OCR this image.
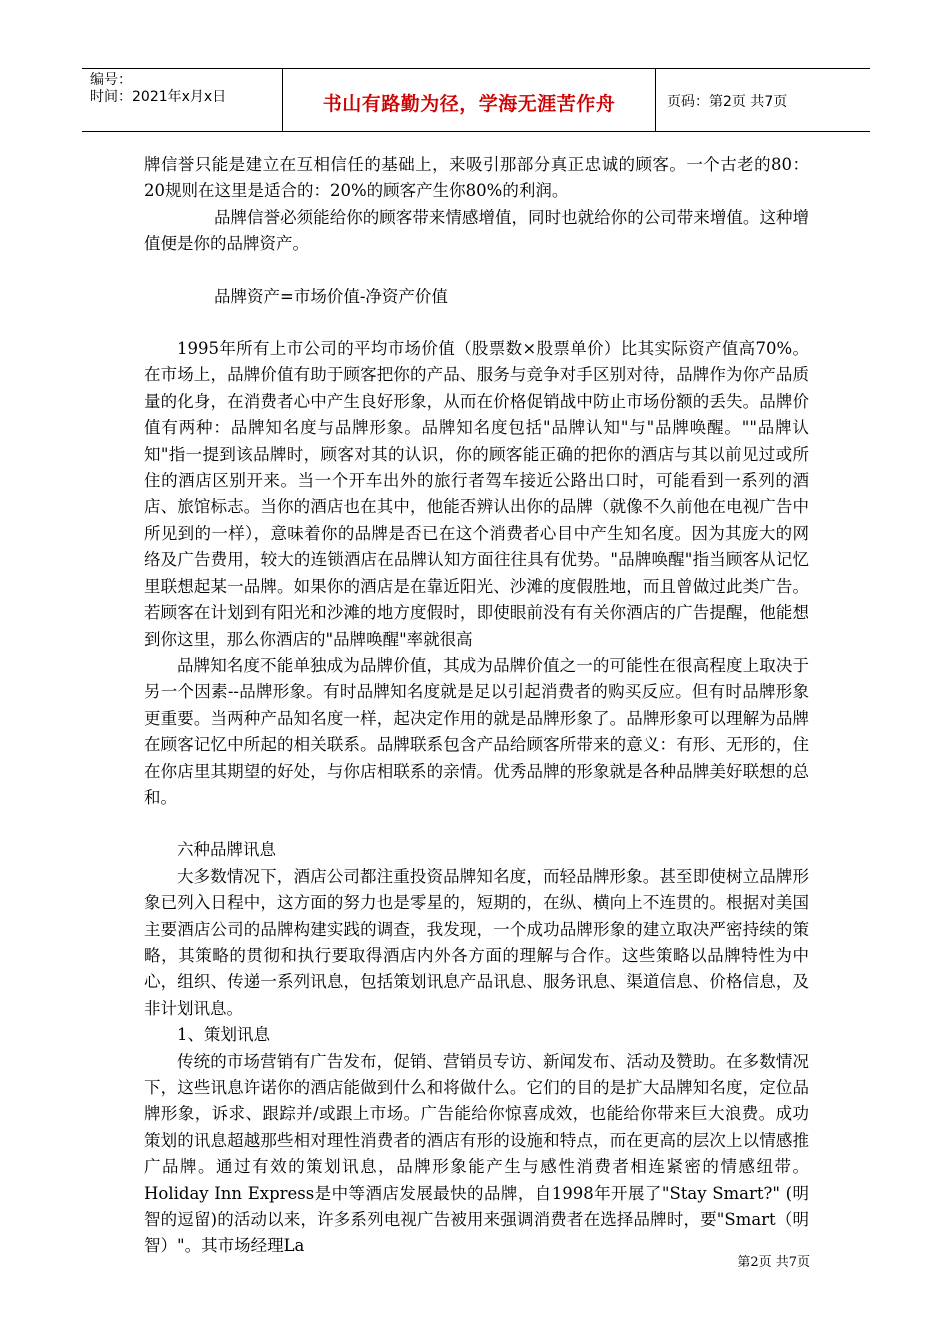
编号：
时间：2021年x月x日	书山有路勤为径，学海无涯苦作舟	页码：第2页 共7页

牌信誉只能是建立在互相信任的基础上，来吸引那部分真正忠诚的顾客。一个古老的80：20规则在这里是适合的：20%的顾客产生你80%的利润。

品牌信誉必须能给你的顾客带来情感增值，同时也就给你的公司带来增值。这种增值便是你的品牌资产。

品牌资产=市场价值-净资产价值

1995年所有上市公司的平均市场价值（股票数×股票单价）比其实际资产值高70%。在市场上，品牌价值有助于顾客把你的产品、服务与竞争对手区别对待，品牌作为你产品质量的化身，在消费者心中产生良好形象，从而在价格促销战中防止市场份额的丢失。品牌价值有两种：品牌知名度与品牌形象。品牌知名度包括"品牌认知"与"品牌唤醒。""品牌认知"指一提到该品牌时，顾客对其的认识，你的顾客能正确的把你的酒店与其以前见过或所住的酒店区别开来。当一个开车出外的旅行者驾车接近公路出口时，可能看到一系列的酒店、旅馆标志。当你的酒店也在其中，他能否辨认出你的品牌（就像不久前他在电视广告中所见到的一样），意味着你的品牌是否已在这个消费者心目中产生知名度。因为其庞大的网络及广告费用，较大的连锁酒店在品牌认知方面往往具有优势。"品牌唤醒"指当顾客从记忆里联想起某一品牌。如果你的酒店是在靠近阳光、沙滩的度假胜地，而且曾做过此类广告。若顾客在计划到有阳光和沙滩的地方度假时，即使眼前没有有关你酒店的广告提醒，他能想到你这里，那么你酒店的"品牌唤醒"率就很高

品牌知名度不能单独成为品牌价值，其成为品牌价值之一的可能性在很高程度上取决于另一个因素--品牌形象。有时品牌知名度就是足以引起消费者的购买反应。但有时品牌形象更重要。当两种产品知名度一样，起决定作用的就是品牌形象了。品牌形象可以理解为品牌在顾客记忆中所起的相关联系。品牌联系包含产品给顾客所带来的意义：有形、无形的，住在你店里其期望的好处，与你店相联系的亲情。优秀品牌的形象就是各种品牌美好联想的总和。

六种品牌讯息

大多数情况下，酒店公司都注重投资品牌知名度，而轻品牌形象。甚至即使树立品牌形象已列入日程中，这方面的努力也是零星的，短期的，在纵、横向上不连贯的。根据对美国主要酒店公司的品牌构建实践的调查，我发现，一个成功品牌形象的建立取决严密持续的策略，其策略的贯彻和执行要取得酒店内外各方面的理解与合作。这些策略以品牌特性为中心，组织、传递一系列讯息，包括策划讯息产品讯息、服务讯息、渠道信息、价格信息，及非计划讯息。

1、策划讯息

传统的市场营销有广告发布，促销、营销员专访、新闻发布、活动及赞助。在多数情况下，这些讯息许诺你的酒店能做到什么和将做什么。它们的目的是扩大品牌知名度，定位品牌形象，诉求、跟踪并/或跟上市场。广告能给你惊喜成效，也能给你带来巨大浪费。成功策划的讯息超越那些相对理性消费者的酒店有形的设施和特点，而在更高的层次上以情感推广品牌。通过有效的策划讯息，品牌形象能产生与感性消费者相连紧密的情感纽带。Holiday Inn Express是中等酒店发展最快的品牌，自1998年开展了"Stay Smart?" (明智的逗留)的活动以来，许多系列电视广告被用来强调消费者在选择品牌时，要"Smart（明智）"。其市场经理La

第2页 共7页
